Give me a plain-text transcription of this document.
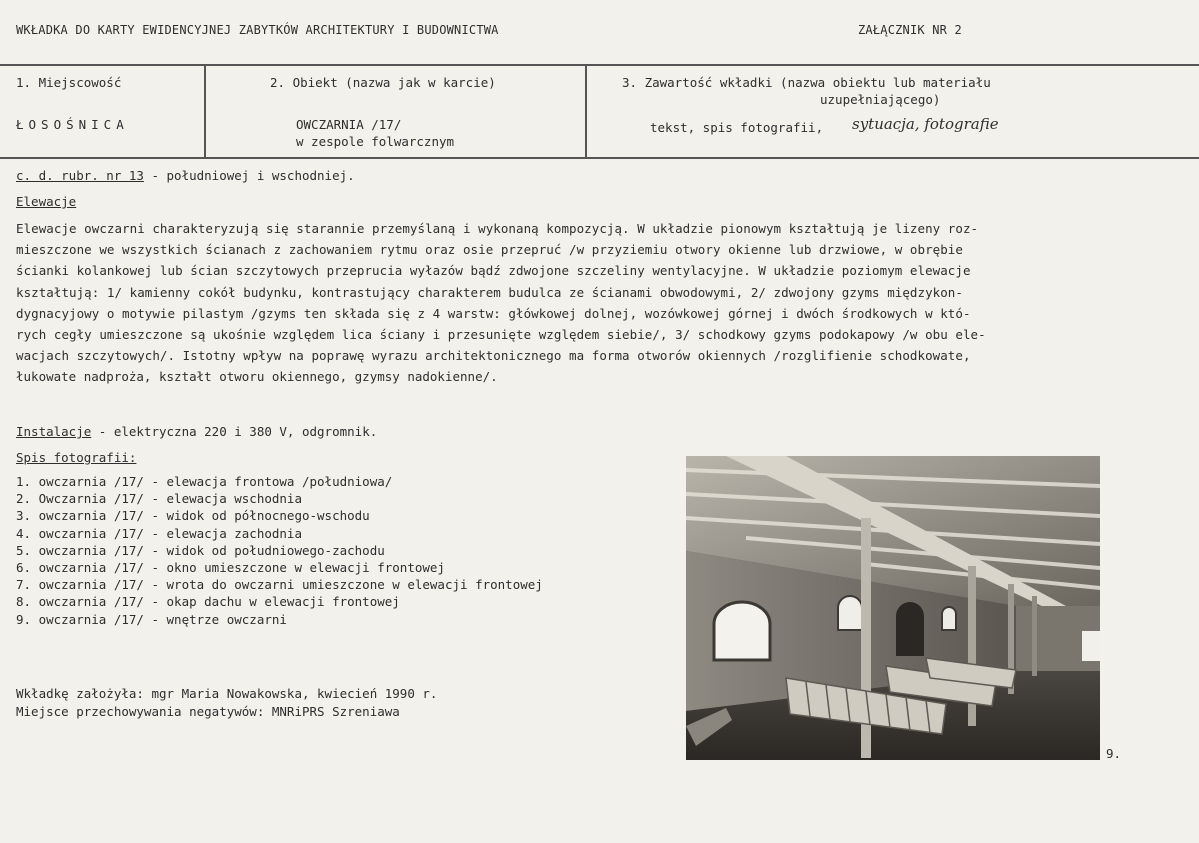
WKŁADKA DO KARTY EWIDENCYJNEJ ZABYTKÓW ARCHITEKTURY I BUDOWNICTWA	ZAŁĄCZNIK NR 2
1. Miejscowość
ŁOSOŚNICA
2. Obiekt (nazwa jak w karcie)
OWCZARNIA /17/
w zespole folwarcznym
3. Zawartość wkładki (nazwa obiektu lub materiału
uzupełniającego)
tekst, spis fotografii, sytuacja, fotografie
c. d. rubr. nr 13 - południowej i wschodniej.
Elewacje
Elewacje owczarni charakteryzują się starannie przemyślaną i wykonaną kompozycją. W układzie pionowym kształtują je lizeny roz-
mieszczone we wszystkich ścianach z zachowaniem rytmu oraz osie przepruć /w przyziemiu otwory okienne lub drzwiowe, w obrębie
ścianki kolankowej lub ścian szczytowych przeprucia wyłazów bądź zdwojone szczeliny wentylacyjne. W układzie poziomym elewacje
kształtują: 1/ kamienny cokół budynku, kontrastujący charakterem budulca ze ścianami obwodowymi, 2/ zdwojony gzyms międzykon-
dygnacyjowy o motywie pilastym /gzyms ten składa się z 4 warstw: główkowej dolnej, wozówkowej górnej i dwóch środkowych w któ-
rych cegły umieszczone są ukośnie względem lica ściany i przesunięte względem siebie/, 3/ schodkowy gzyms podokapowy /w obu ele-
wacjach szczytowych/. Istotny wpływ na poprawę wyrazu architektonicznego ma forma otworów okiennych /rozglifienie schodkowate,
łukowate nadproża, kształt otworu okiennego, gzymsy nadokienne/.
Instalacje - elektryczna 220 i 380 V, odgromnik.
Spis fotografii:
1. owczarnia /17/ - elewacja frontowa /południowa/
2. Owczarnia /17/ - elewacja wschodnia
3. owczarnia /17/ - widok od północnego-wschodu
4. owczarnia /17/ - elewacja zachodnia
5. owczarnia /17/ - widok od południowego-zachodu
6. owczarnia /17/ - okno umieszczone w elewacji frontowej
7. owczarnia /17/ - wrota do owczarni umieszczone w elewacji frontowej
8. owczarnia /17/ - okap dachu w elewacji frontowej
9. owczarnia /17/ - wnętrze owczarni
Wkładkę założyła: mgr Maria Nowakowska, kwiecień 1990 r.
Miejsce przechowywania negatywów: MNRiPRS Szreniawa
9.
